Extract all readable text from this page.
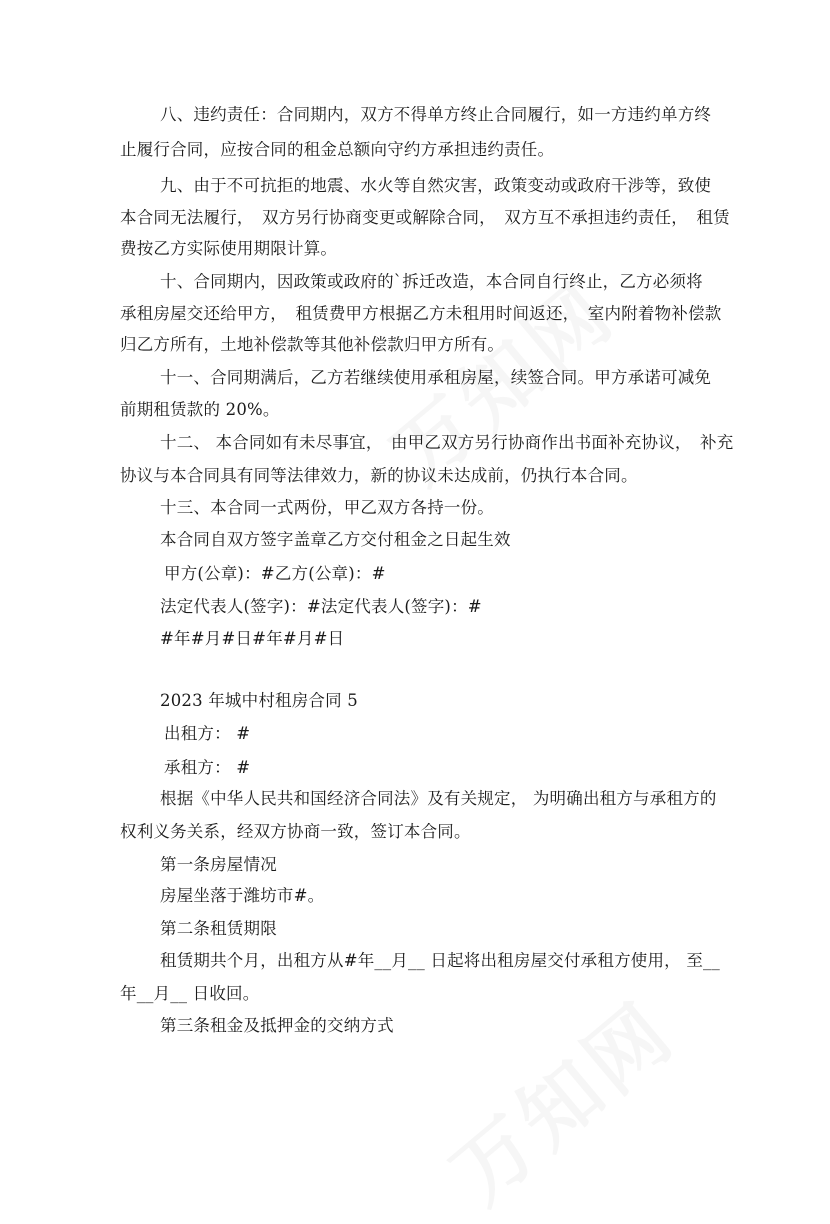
八、违约责任：合同期内，双方不得单方终止合同履行，如一方违约单方终
止履行合同，应按合同的租金总额向守约方承担违约责任。
九、由于不可抗拒的地震、水火等自然灾害，政策变动或政府干涉等，致使
本合同无法履行，　双方另行协商变更或解除合同，　双方互不承担违约责任，　租赁
费按乙方实际使用期限计算。
十、合同期内，因政策或政府的`拆迁改造，本合同自行终止，乙方必须将
承租房屋交还给甲方，　租赁费甲方根据乙方未租用时间返还，　室内附着物补偿款
归乙方所有，土地补偿款等其他补偿款归甲方所有。
十一、合同期满后，乙方若继续使用承租房屋，续签合同。甲方承诺可减免
前期租赁款的 20%。
十二、 本合同如有未尽事宜，　由甲乙双方另行协商作出书面补充协议，　补充
协议与本合同具有同等法律效力，新的协议未达成前，仍执行本合同。
十三、本合同一式两份，甲乙双方各持一份。
本合同自双方签字盖章乙方交付租金之日起生效
甲方(公章)：#乙方(公章)：#
法定代表人(签字)：#法定代表人(签字)：#
#年#月#日#年#月#日
2023 年城中村租房合同 5
出租方： #
承租方： #
根据《中华人民共和国经济合同法》及有关规定， 为明确出租方与承租方的
权利义务关系，经双方协商一致，签订本合同。
第一条房屋情况
房屋坐落于潍坊市#。
第二条租赁期限
租赁期共个月，出租方从#年__月__ 日起将出租房屋交付承租方使用， 至__
年__月__ 日收回。
第三条租金及抵押金的交纳方式
